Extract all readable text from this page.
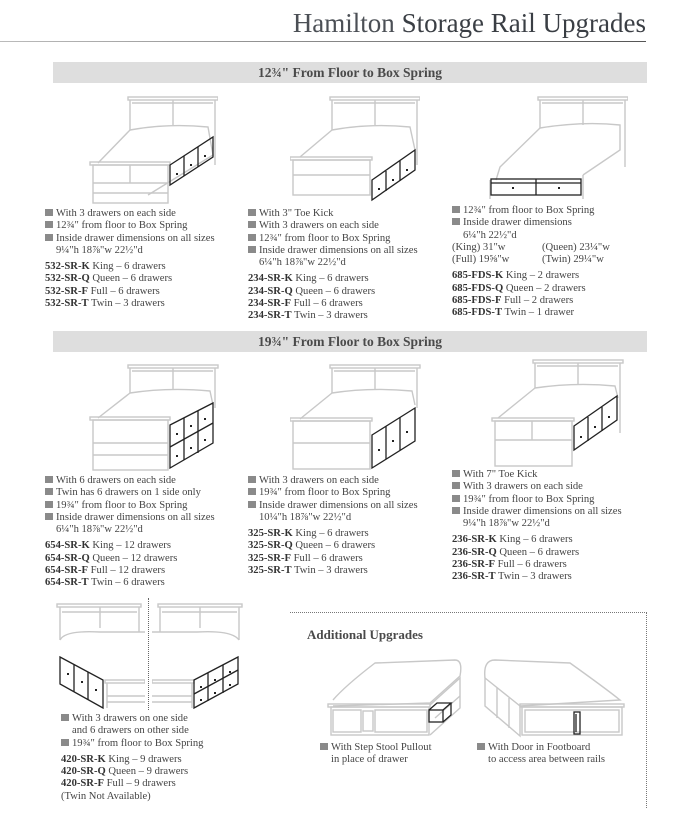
Hamilton Storage Rail Upgrades
12¾" From Floor to Box Spring
With 3 drawers on each side
12¾" from floor to Box Spring
Inside drawer dimensions on all sizes
9¼"h 18⅞"w 22½"d
532-SR-K King – 6 drawers
532-SR-Q Queen – 6 drawers
532-SR-F Full – 6 drawers
532-SR-T Twin – 3 drawers
With 3" Toe Kick
With 3 drawers on each side
12¾" from floor to Box Spring
Inside drawer dimensions on all sizes
6¼"h 18⅞"w 22½"d
234-SR-K King – 6 drawers
234-SR-Q Queen – 6 drawers
234-SR-F Full – 6 drawers
234-SR-T Twin – 3 drawers
12¾" from floor to Box Spring
Inside drawer dimensions
6¼"h 22½"d
(King) 31"w	(Queen) 23¼"w
(Full) 19⅝"w	(Twin) 29¼"w
685-FDS-K King – 2 drawers
685-FDS-Q Queen – 2 drawers
685-FDS-F Full – 2 drawers
685-FDS-T Twin – 1 drawer
19¾" From Floor to Box Spring
With 6 drawers on each side
Twin has 6 drawers on 1 side only
19¾" from floor to Box Spring
Inside drawer dimensions on all sizes
6¼"h 18⅞"w 22½"d
654-SR-K King – 12 drawers
654-SR-Q Queen – 12 drawers
654-SR-F Full – 12 drawers
654-SR-T Twin – 6 drawers
With 3 drawers on each side
19¾" from floor to Box Spring
Inside drawer dimensions on all sizes
10¼"h 18⅞"w 22½"d
325-SR-K King – 6 drawers
325-SR-Q Queen – 6 drawers
325-SR-F Full – 6 drawers
325-SR-T Twin – 3 drawers
With 7" Toe Kick
With 3 drawers on each side
19¾" from floor to Box Spring
Inside drawer dimensions on all sizes
9¼"h 18⅞"w 22½"d
236-SR-K King – 6 drawers
236-SR-Q Queen – 6 drawers
236-SR-F Full – 6 drawers
236-SR-T Twin – 3 drawers
With 3 drawers on one side
and 6 drawers on other side
19¾" from floor to Box Spring
420-SR-K King – 9 drawers
420-SR-Q Queen – 9 drawers
420-SR-F Full – 9 drawers
(Twin Not Available)
Additional Upgrades
With Step Stool Pullout
in place of drawer
With Door in Footboard
to access area between rails
